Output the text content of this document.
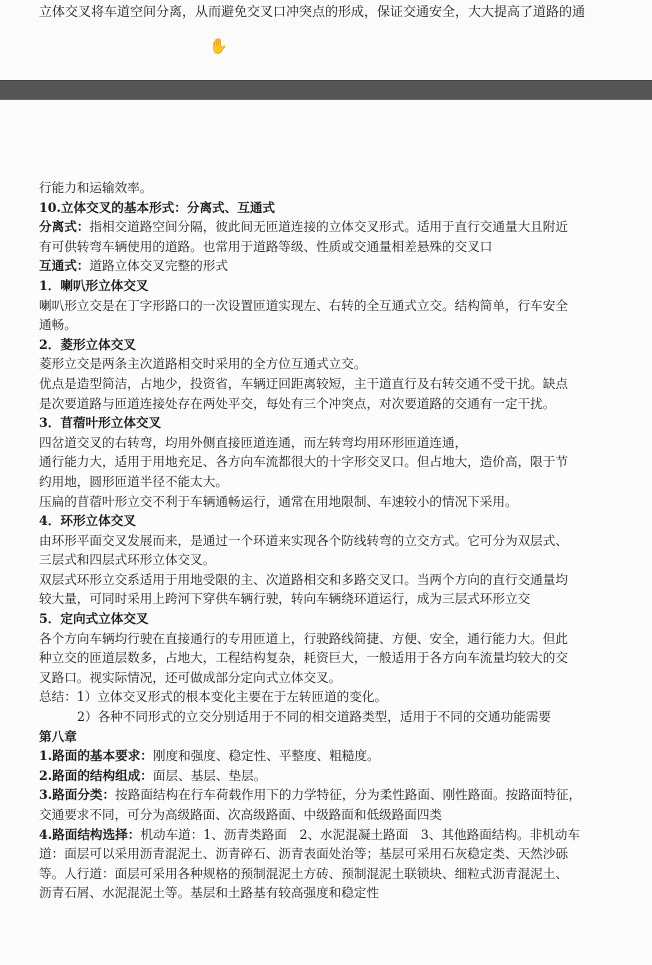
立体交叉将车道空间分离，从而避免交叉口冲突点的形成，保证交通安全，大大提高了道路的通
✋
行能力和运输效率。
10.立体交叉的基本形式：分离式、互通式
分离式：指相交道路空间分隔，彼此间无匝道连接的立体交叉形式。适用于直行交通量大且附近
有可供转弯车辆使用的道路。也常用于道路等级、性质或交通量相差悬殊的交叉口
互通式：道路立体交叉完整的形式
1．喇叭形立体交叉
喇叭形立交是在丁字形路口的一次设置匝道实现左、右转的全互通式立交。结构简单，行车安全
通畅。
2．菱形立体交叉
菱形立交是两条主次道路相交时采用的全方位互通式立交。
优点是造型简洁，占地少，投资省，车辆迂回距离较短，主干道直行及右转交通不受干扰。缺点
是次要道路与匝道连接处存在两处平交，每处有三个冲突点，对次要道路的交通有一定干扰。
3．苜蓿叶形立体交叉
四岔道交叉的右转弯，均用外侧直接匝道连通，而左转弯均用环形匝道连通，
通行能力大，适用于用地充足、各方向车流都很大的十字形交叉口。但占地大，造价高，限于节
约用地，圆形匝道半径不能太大。
压扁的苜蓿叶形立交不利于车辆通畅运行，通常在用地限制、车速较小的情况下采用。
4．环形立体交叉
由环形平面交叉发展而来，是通过一个环道来实现各个防线转弯的立交方式。它可分为双层式、
三层式和四层式环形立体交叉。
双层式环形立交系适用于用地受限的主、次道路相交和多路交叉口。当两个方向的直行交通量均
较大量，可同时采用上跨河下穿供车辆行驶，转向车辆绕环道运行，成为三层式环形立交
5．定向式立体交叉
各个方向车辆均行驶在直接通行的专用匝道上，行驶路线简捷、方便、安全，通行能力大。但此
种立交的匝道层数多，占地大，工程结构复杂，耗资巨大，一般适用于各方向车流量均较大的交
叉路口。视实际情况，还可做成部分定向式立体交叉。
总结：1）立体交叉形式的根本变化主要在于左转匝道的变化。
2）各种不同形式的立交分别适用于不同的相交道路类型，适用于不同的交通功能需要
第八章
1.路面的基本要求：刚度和强度、稳定性、平整度、粗糙度。
2.路面的结构组成：面层、基层、垫层。
3.路面分类：按路面结构在行车荷载作用下的力学特征，分为柔性路面、刚性路面。按路面特征，
交通要求不同，可分为高级路面、次高级路面、中级路面和低级路面四类
4.路面结构选择：机动车道：1、沥青类路面　2、水泥混凝土路面　3、其他路面结构。非机动车
道：面层可以采用沥青混泥土、沥青碎石、沥青表面处治等；基层可采用石灰稳定类、天然沙砾
等。人行道：面层可采用各种规格的预制混泥土方砖、预制混泥土联锁块、细粒式沥青混泥土、
沥青石屑、水泥混泥土等。基层和土路基有较高强度和稳定性
